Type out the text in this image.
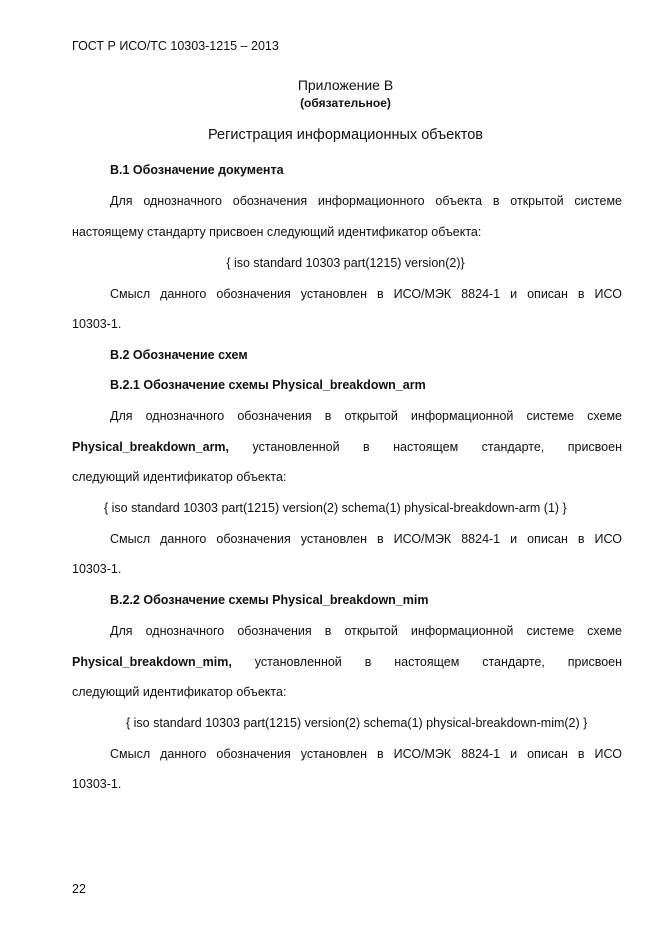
ГОСТ Р ИСО/ТС 10303-1215 – 2013
Приложение В
(обязательное)
Регистрация информационных объектов
В.1 Обозначение документа
Для однозначного обозначения информационного объекта в открытой системе
настоящему стандарту присвоен следующий идентификатор объекта:
{ iso standard 10303 part(1215) version(2)}
Смысл данного обозначения установлен в ИСО/МЭК 8824-1 и описан в ИСО
10303-1.
В.2 Обозначение схем
В.2.1 Обозначение схемы Physical_breakdown_arm
Для однозначного обозначения в открытой информационной системе схеме
Physical_breakdown_arm, установленной в настоящем стандарте, присвоен
следующий идентификатор объекта:
{ iso standard 10303 part(1215) version(2) schema(1) physical-breakdown-arm (1) }
Смысл данного обозначения установлен в ИСО/МЭК 8824-1 и описан в ИСО
10303-1.
В.2.2 Обозначение схемы Physical_breakdown_mim
Для однозначного обозначения в открытой информационной системе схеме
Physical_breakdown_mim, установленной в настоящем стандарте, присвоен
следующий идентификатор объекта:
{ iso standard 10303 part(1215) version(2) schema(1) physical-breakdown-mim(2) }
Смысл данного обозначения установлен в ИСО/МЭК 8824-1 и описан в ИСО
10303-1.
22
